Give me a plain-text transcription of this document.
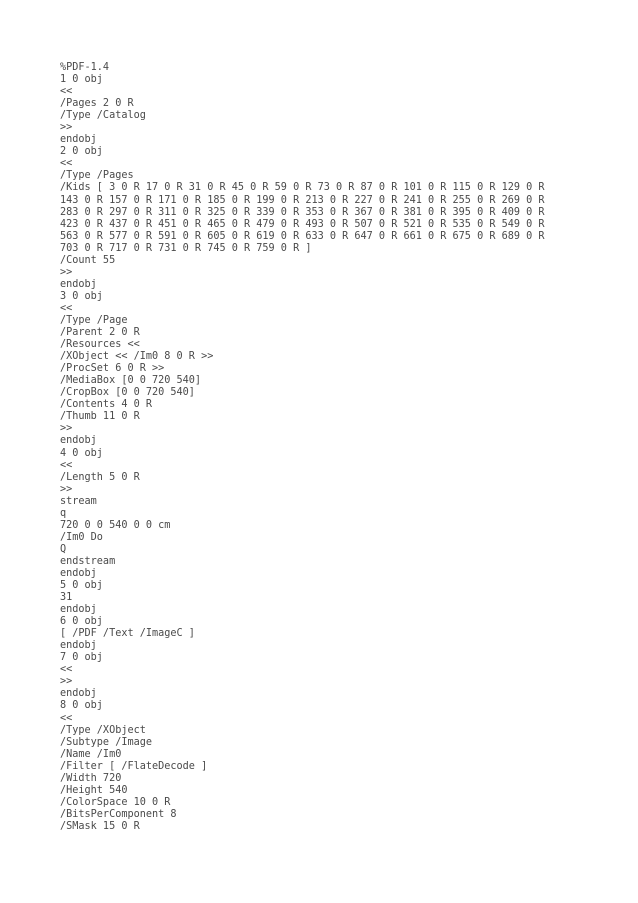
%PDF-1.4
1 0 obj
<<
/Pages 2 0 R
/Type /Catalog
>>
endobj
2 0 obj
<<
/Type /Pages
/Kids [ 3 0 R 17 0 R 31 0 R 45 0 R 59 0 R 73 0 R 87 0 R 101 0 R 115 0 R 129 0 R
143 0 R 157 0 R 171 0 R 185 0 R 199 0 R 213 0 R 227 0 R 241 0 R 255 0 R 269 0 R
283 0 R 297 0 R 311 0 R 325 0 R 339 0 R 353 0 R 367 0 R 381 0 R 395 0 R 409 0 R
423 0 R 437 0 R 451 0 R 465 0 R 479 0 R 493 0 R 507 0 R 521 0 R 535 0 R 549 0 R
563 0 R 577 0 R 591 0 R 605 0 R 619 0 R 633 0 R 647 0 R 661 0 R 675 0 R 689 0 R
703 0 R 717 0 R 731 0 R 745 0 R 759 0 R ]
/Count 55
>>
endobj
3 0 obj
<<
/Type /Page
/Parent 2 0 R
/Resources <<
/XObject << /Im0 8 0 R >>
/ProcSet 6 0 R >>
/MediaBox [0 0 720 540]
/CropBox [0 0 720 540]
/Contents 4 0 R
/Thumb 11 0 R
>>
endobj
4 0 obj
<<
/Length 5 0 R
>>
stream
q
720 0 0 540 0 0 cm
/Im0 Do
Q
endstream
endobj
5 0 obj
31
endobj
6 0 obj
[ /PDF /Text /ImageC ]
endobj
7 0 obj
<<
>>
endobj
8 0 obj
<<
/Type /XObject
/Subtype /Image
/Name /Im0
/Filter [ /FlateDecode ]
/Width 720
/Height 540
/ColorSpace 10 0 R
/BitsPerComponent 8
/SMask 15 0 R
